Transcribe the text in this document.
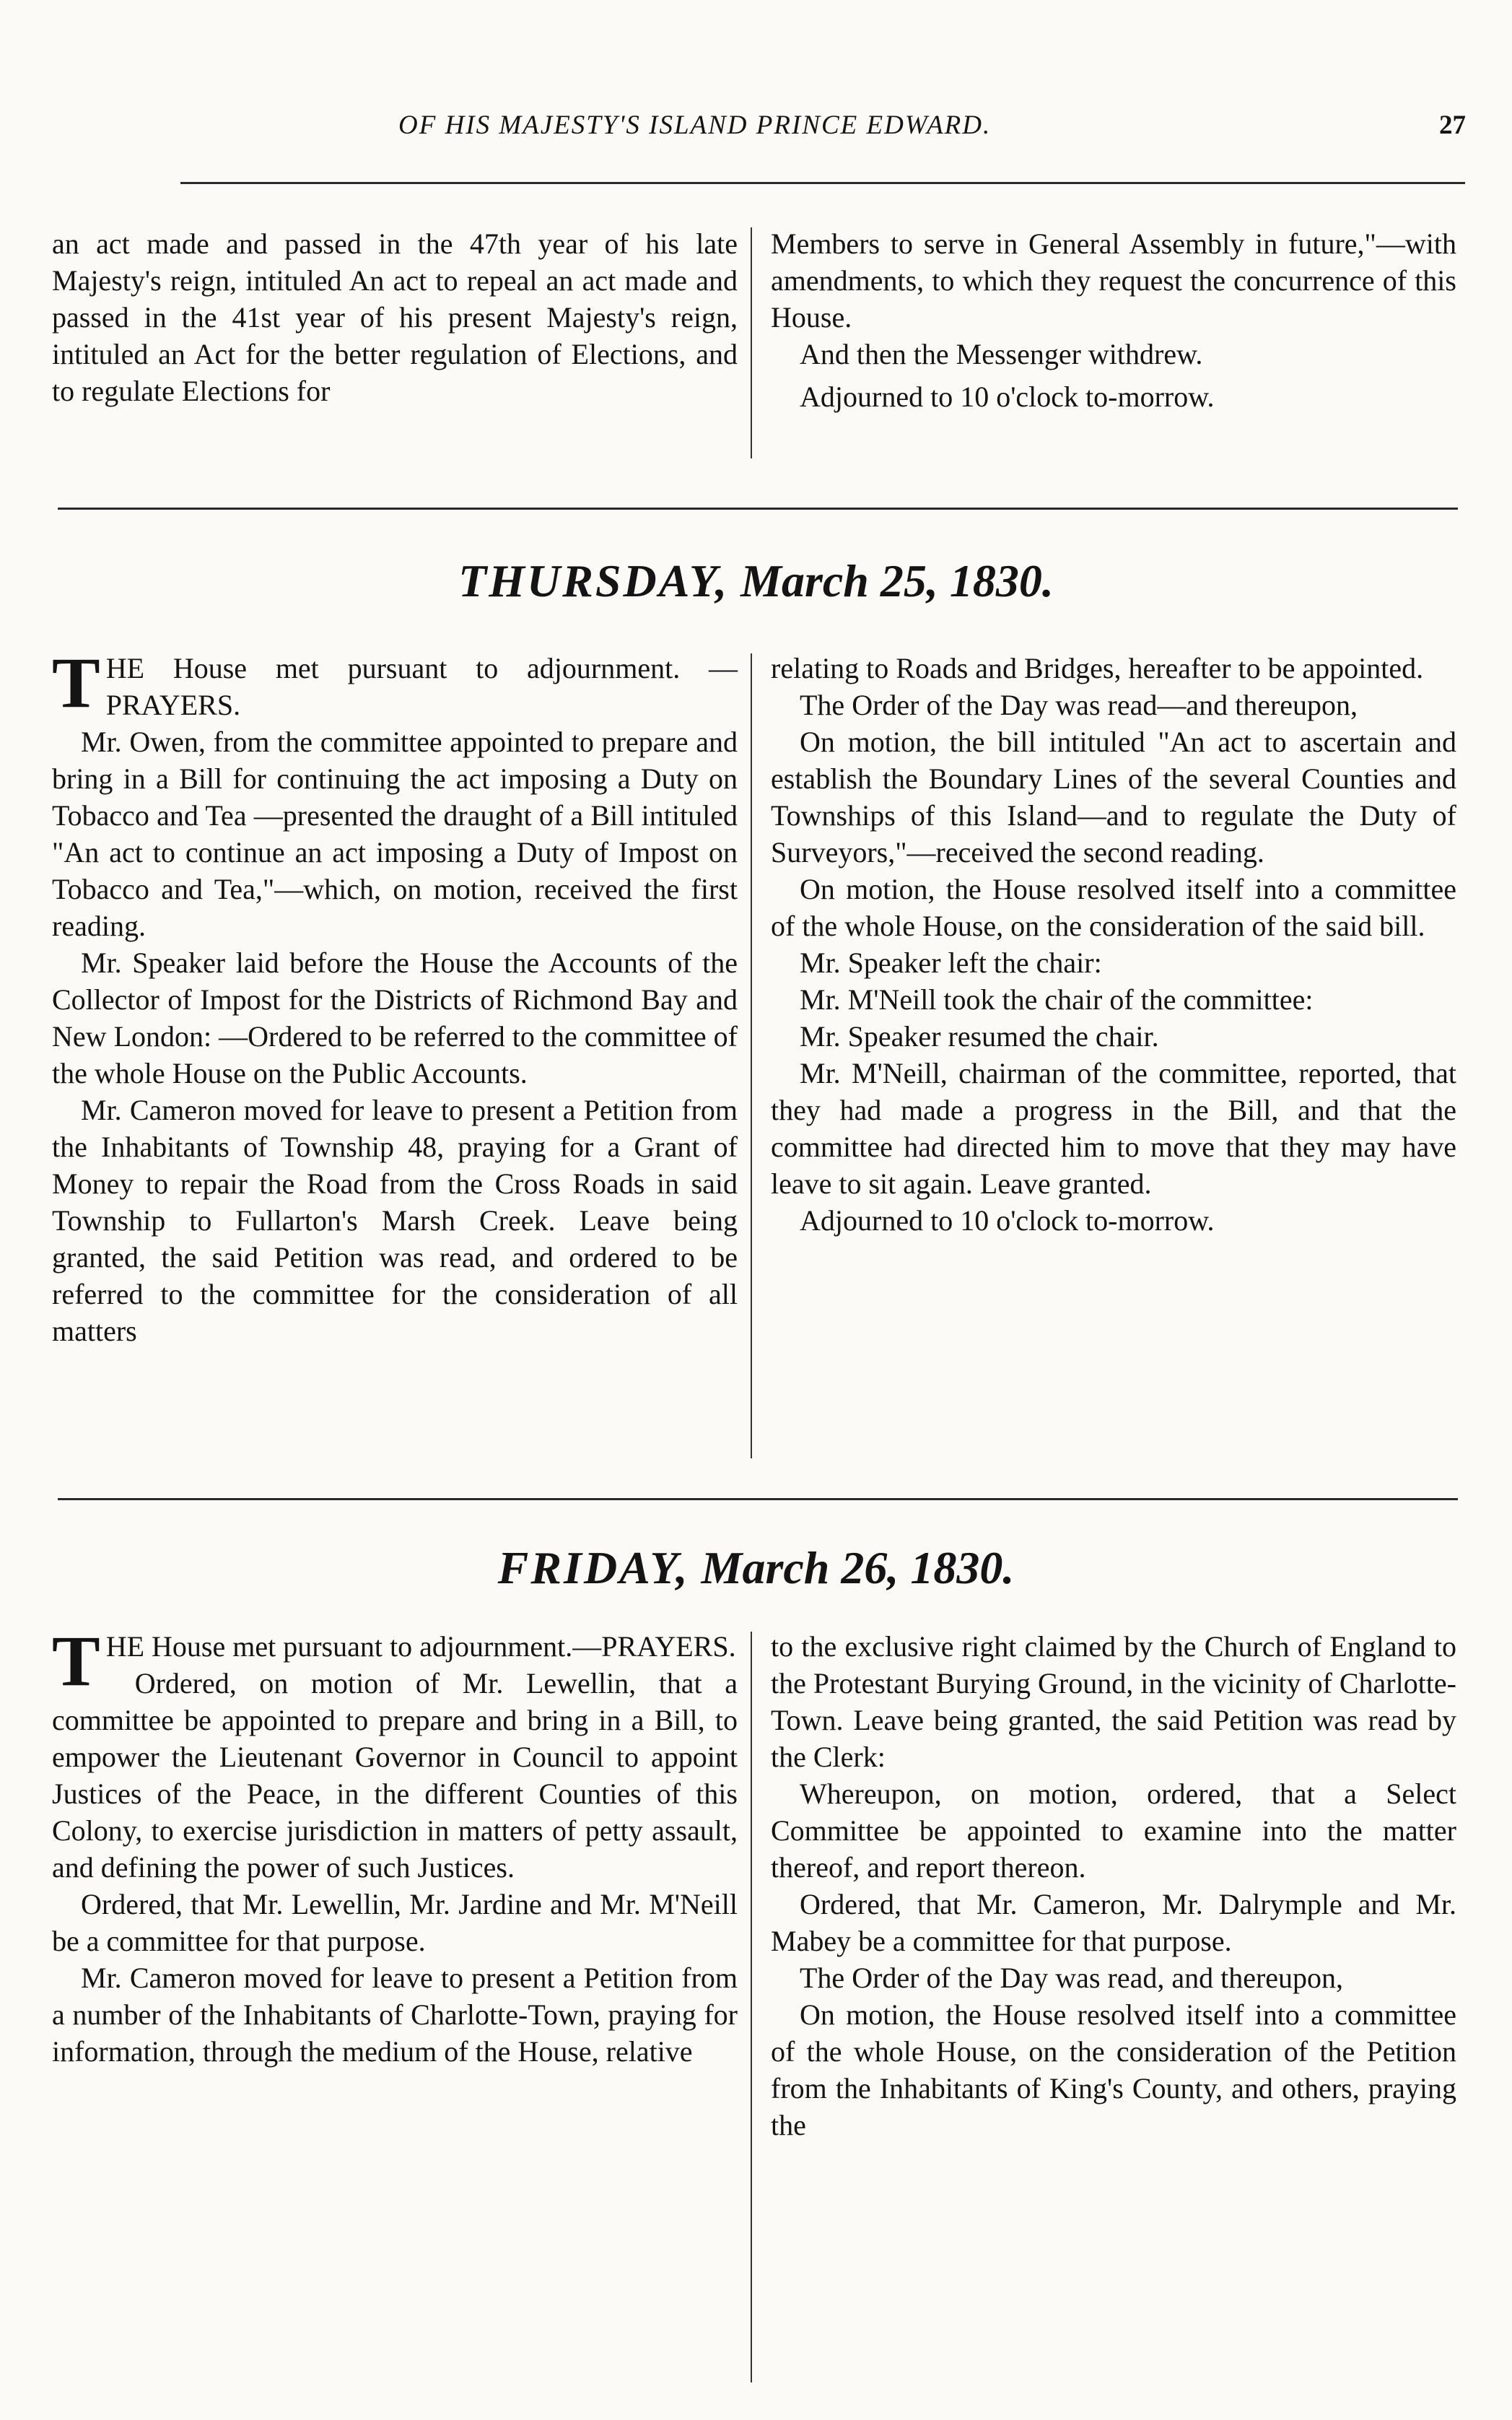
OF HIS MAJESTY'S ISLAND PRINCE EDWARD.	27

an act made and passed in the 47th year of his late Majesty's reign, intituled An act to repeal an act made and passed in the 41st year of his present Majesty's reign, intituled an Act for the better regulation of Elections, and to regulate Elections for

Members to serve in General Assembly in future,"—with amendments, to which they request the concurrence of this House.

And then the Messenger withdrew.

Adjourned to 10 o'clock to-morrow.

THURSDAY, March 25, 1830.

T HE House met pursuant to adjournment. —PRAYERS.

Mr. Owen, from the committee appointed to prepare and bring in a Bill for continuing the act imposing a Duty on Tobacco and Tea —presented the draught of a Bill intituled "An act to continue an act imposing a Duty of Impost on Tobacco and Tea,"—which, on motion, received the first reading.

Mr. Speaker laid before the House the Accounts of the Collector of Impost for the Districts of Richmond Bay and New London: —Ordered to be referred to the committee of the whole House on the Public Accounts.

Mr. Cameron moved for leave to present a Petition from the Inhabitants of Township 48, praying for a Grant of Money to repair the Road from the Cross Roads in said Township to Fullarton's Marsh Creek. Leave being granted, the said Petition was read, and ordered to be referred to the committee for the consideration of all matters

relating to Roads and Bridges, hereafter to be appointed.

The Order of the Day was read—and thereupon,

On motion, the bill intituled "An act to ascertain and establish the Boundary Lines of the several Counties and Townships of this Island—and to regulate the Duty of Surveyors,"—received the second reading.

On motion, the House resolved itself into a committee of the whole House, on the consideration of the said bill.

Mr. Speaker left the chair:

Mr. M'Neill took the chair of the committee:

Mr. Speaker resumed the chair.

Mr. M'Neill, chairman of the committee, reported, that they had made a progress in the Bill, and that the committee had directed him to move that they may have leave to sit again. Leave granted.

Adjourned to 10 o'clock to-morrow.

FRIDAY, March 26, 1830.

T HE House met pursuant to adjournment.—PRAYERS.

Ordered, on motion of Mr. Lewellin, that a committee be appointed to prepare and bring in a Bill, to empower the Lieutenant Governor in Council to appoint Justices of the Peace, in the different Counties of this Colony, to exercise jurisdiction in matters of petty assault, and defining the power of such Justices.

Ordered, that Mr. Lewellin, Mr. Jardine and Mr. M'Neill be a committee for that purpose.

Mr. Cameron moved for leave to present a Petition from a number of the Inhabitants of Charlotte-Town, praying for information, through the medium of the House, relative

to the exclusive right claimed by the Church of England to the Protestant Burying Ground, in the vicinity of Charlotte-Town. Leave being granted, the said Petition was read by the Clerk:

Whereupon, on motion, ordered, that a Select Committee be appointed to examine into the matter thereof, and report thereon.

Ordered, that Mr. Cameron, Mr. Dalrymple and Mr. Mabey be a committee for that purpose.

The Order of the Day was read, and thereupon,

On motion, the House resolved itself into a committee of the whole House, on the consideration of the Petition from the Inhabitants of King's County, and others, praying the
